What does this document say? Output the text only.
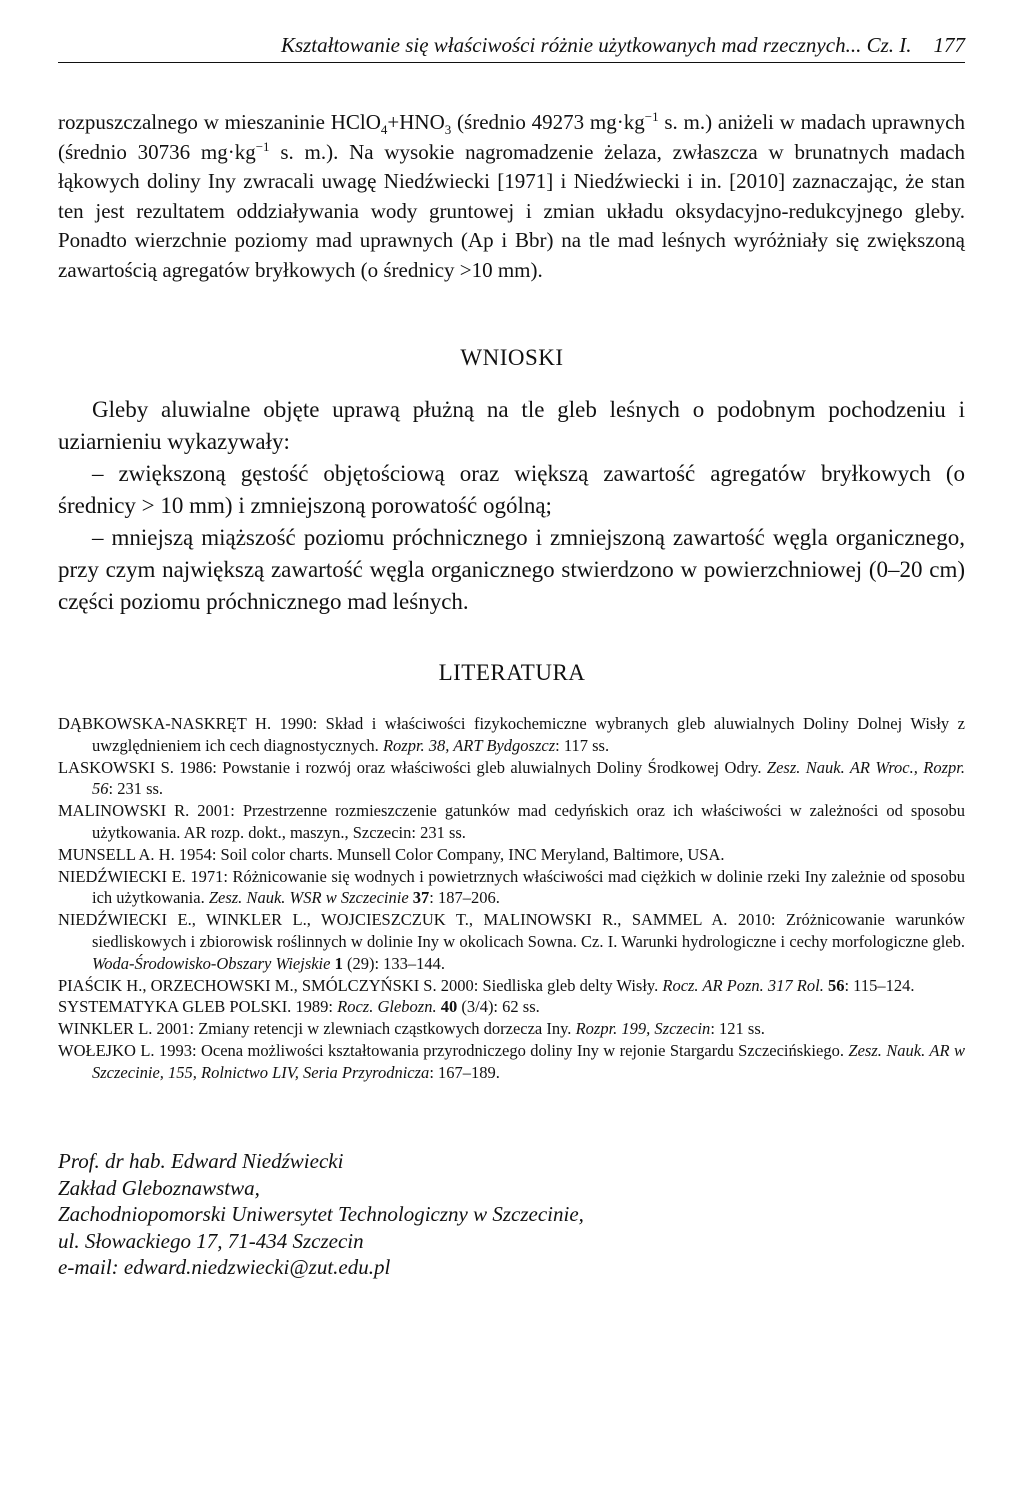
Kształtowanie się właściwości różnie użytkowanych mad rzecznych... Cz. I. 177

rozpuszczalnego w mieszaninie $HClO_4+HNO_3$ (średnio 49273 $mg\cdot kg^{-1}$ s. m.) aniżeli w madach uprawnych (średnio 30736 $mg\cdot kg^{-1}$ s. m.). Na wysokie nagromadzenie żelaza, zwłaszcza w brunatnych madach łąkowych doliny Iny zwracali uwagę Niedźwiecki [1971] i Niedźwiecki i in. [2010] zaznaczając, że stan ten jest rezultatem oddziaływania wody gruntowej i zmian układu oksydacyjno-redukcyjnego gleby. Ponadto wierzchnie poziomy mad uprawnych (Ap i Bbr) na tle mad leśnych wyróżniały się zwiększoną zawartością agregatów bryłkowych (o średnicy >10 mm).

WNIOSKI

Gleby aluwialne objęte uprawą płużną na tle gleb leśnych o podobnym pochodzeniu i uziarnieniu wykazywały:

– zwiększoną gęstość objętościową oraz większą zawartość agregatów bryłkowych (o średnicy > 10 mm) i zmniejszoną porowatość ogólną;

– mniejszą miąższość poziomu próchnicznego i zmniejszoną zawartość węgla organicznego, przy czym największą zawartość węgla organicznego stwierdzono w powierzchniowej (0–20 cm) części poziomu próchnicznego mad leśnych.

LITERATURA
DĄBKOWSKA-NASKRĘT H. 1990: Skład i właściwości fizykochemiczne wybranych gleb aluwialnych Doliny Dolnej Wisły z uwzględnieniem ich cech diagnostycznych. Rozpr. 38, ART Bydgoszcz: 117 ss.
LASKOWSKI S. 1986: Powstanie i rozwój oraz właściwości gleb aluwialnych Doliny Środkowej Odry. Zesz. Nauk. AR Wroc., Rozpr. 56: 231 ss.
MALINOWSKI R. 2001: Przestrzenne rozmieszczenie gatunków mad cedyńskich oraz ich właściwości w zależności od sposobu użytkowania. AR rozp. dokt., maszyn., Szczecin: 231 ss.
MUNSELL A. H. 1954: Soil color charts. Munsell Color Company, INC Meryland, Baltimore, USA.
NIEDŹWIECKI E. 1971: Różnicowanie się wodnych i powietrznych właściwości mad ciężkich w dolinie rzeki Iny zależnie od sposobu ich użytkowania. Zesz. Nauk. WSR w Szczecinie 37: 187–206.
NIEDŹWIECKI E., WINKLER L., WOJCIESZCZUK T., MALINOWSKI R., SAMMEL A. 2010: Zróżnicowanie warunków siedliskowych i zbiorowisk roślinnych w dolinie Iny w okolicach Sowna. Cz. I. Warunki hydrologiczne i cechy morfologiczne gleb. Woda-Środowisko-Obszary Wiejskie 1 (29): 133–144.
PIAŚCIK H., ORZECHOWSKI M., SMÓLCZYŃSKI S. 2000: Siedliska gleb delty Wisły. Rocz. AR Pozn. 317 Rol. 56: 115–124.
SYSTEMATYKA GLEB POLSKI. 1989: Rocz. Glebozn. 40 (3/4): 62 ss.
WINKLER L. 2001: Zmiany retencji w zlewniach cząstkowych dorzecza Iny. Rozpr. 199, Szczecin: 121 ss.
WOŁEJKO L. 1993: Ocena możliwości kształtowania przyrodniczego doliny Iny w rejonie Stargardu Szczecińskiego. Zesz. Nauk. AR w Szczecinie, 155, Rolnictwo LIV, Seria Przyrodnicza: 167–189.
Prof. dr hab. Edward Niedźwiecki
Zakład Gleboznawstwa,
Zachodniopomorski Uniwersytet Technologiczny w Szczecinie,
ul. Słowackiego 17, 71-434 Szczecin
e-mail: edward.niedzwiecki@zut.edu.pl
